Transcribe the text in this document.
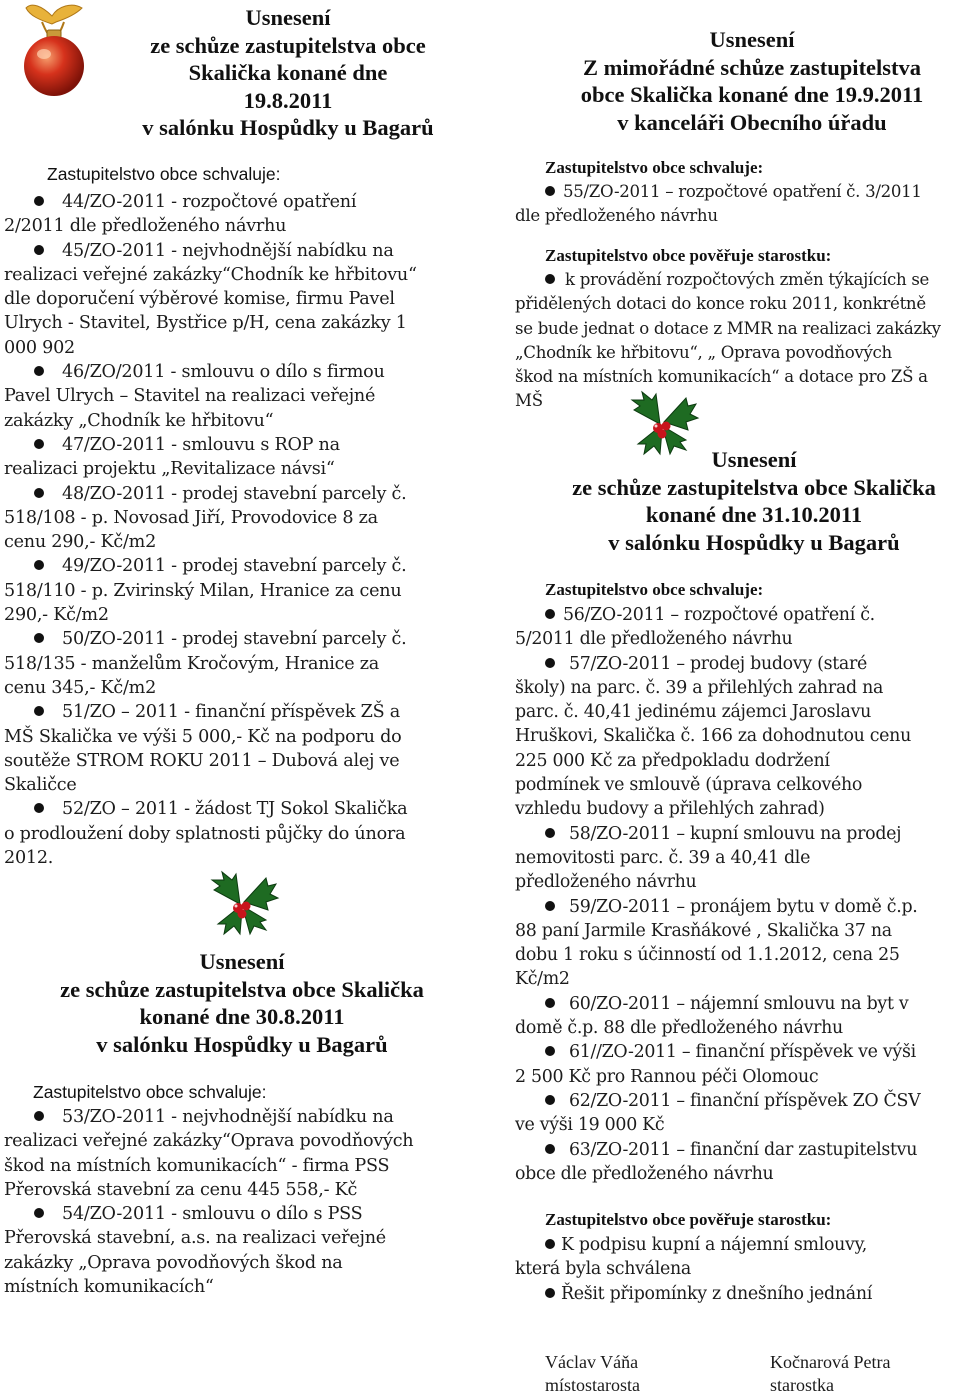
Usnesení
ze schůze zastupitelstva obce
Skalička konané dne
19.8.2011
v salónku Hospůdky u Bagarů

Zastupitelstvo obce schvaluje:

44/ZO-2011 - rozpočtové opatření
2/2011 dle předloženého návrhu
45/ZO-2011 - nejvhodnější nabídku na
realizaci veřejné zakázky“Chodník ke hřbitovu“
dle doporučení výběrové komise, firmu Pavel
Ulrych - Stavitel, Bystřice p/H, cena zakázky 1
000 902
46/ZO/2011 - smlouvu o dílo s firmou
Pavel Ulrych – Stavitel na realizaci veřejné
zakázky „Chodník ke hřbitovu“
47/ZO-2011 - smlouvu s ROP na
realizaci projektu „Revitalizace návsi“
48/ZO-2011 - prodej stavební parcely č.
518/108 - p. Novosad Jiří, Provodovice 8 za
cenu 290,- Kč/m2
49/ZO-2011 - prodej stavební parcely č.
518/110 - p. Zvirinský Milan, Hranice za cenu
290,- Kč/m2
50/ZO-2011 - prodej stavební parcely č.
518/135 - manželům Kročovým, Hranice za
cenu 345,- Kč/m2
51/ZO – 2011 - finanční příspěvek ZŠ a
MŠ Skalička ve výši 5 000,- Kč na podporu do
soutěže STROM ROKU 2011 – Dubová alej ve
Skaličce
52/ZO – 2011 - žádost TJ Sokol Skalička
o prodloužení doby splatnosti půjčky do února
2012.
Usnesení
ze schůze zastupitelstva obce Skalička
konané dne 30.8.2011
v salónku Hospůdky u Bagarů

Zastupitelstvo obce schvaluje:

53/ZO-2011 - nejvhodnější nabídku na
realizaci veřejné zakázky“Oprava povodňových
škod na místních komunikacích“ - firma PSS
Přerovská stavební za cenu 445 558,- Kč
54/ZO-2011 - smlouvu o dílo s PSS
Přerovská stavební, a.s. na realizaci veřejné
zakázky „Oprava povodňových škod na
místních komunikacích“
Usnesení
Z mimořádné schůze zastupitelstva
obce Skalička konané dne 19.9.2011
v kanceláři Obecního úřadu

Zastupitelstvo obce schvaluje:

55/ZO-2011 – rozpočtové opatření č. 3/2011
dle předloženého návrhu

Zastupitelstvo obce pověřuje starostku:

k provádění rozpočtových změn týkajících se
přidělených dotaci do konce roku 2011, konkrétně
se bude jednat o dotace z MMR na realizaci zakázky
„Chodník ke hřbitovu“, „ Oprava povodňových
škod na místních komunikacích“ a dotace pro ZŠ a
MŠ
Usnesení
ze schůze zastupitelstva obce Skalička
konané dne 31.10.2011
v salónku Hospůdky u Bagarů

Zastupitelstvo obce schvaluje:

56/ZO-2011 – rozpočtové opatření č.
5/2011 dle předloženého návrhu
57/ZO-2011 – prodej budovy (staré
školy) na parc. č. 39 a přilehlých zahrad na
parc. č. 40,41 jedinému zájemci Jaroslavu
Hruškovi, Skalička č. 166 za dohodnutou cenu
225 000 Kč za předpokladu dodržení
podmínek ve smlouvě (úprava celkového
vzhledu budovy a přilehlých zahrad)
58/ZO-2011 – kupní smlouvu na prodej
nemovitosti parc. č. 39 a 40,41 dle
předloženého návrhu
59/ZO-2011 – pronájem bytu v domě č.p.
88 paní Jarmile Krasňákové , Skalička 37 na
dobu 1 roku s účinností od 1.1.2012, cena 25
Kč/m2
60/ZO-2011 – nájemní smlouvu na byt v
domě č.p. 88 dle předloženého návrhu
61//ZO-2011 – finanční příspěvek ve výši
2 500 Kč pro Rannou péči Olomouc
62/ZO-2011 – finanční příspěvek ZO ČSV
ve výši 19 000 Kč
63/ZO-2011 – finanční dar zastupitelstvu
obce dle předloženého návrhu

Zastupitelstvo obce pověřuje starostku:

K podpisu kupní a nájemní smlouvy,
která byla schválena
Řešit připomínky z dnešního jednání
Václav Váňa
místostarosta
Kočnarová Petra
starostka
